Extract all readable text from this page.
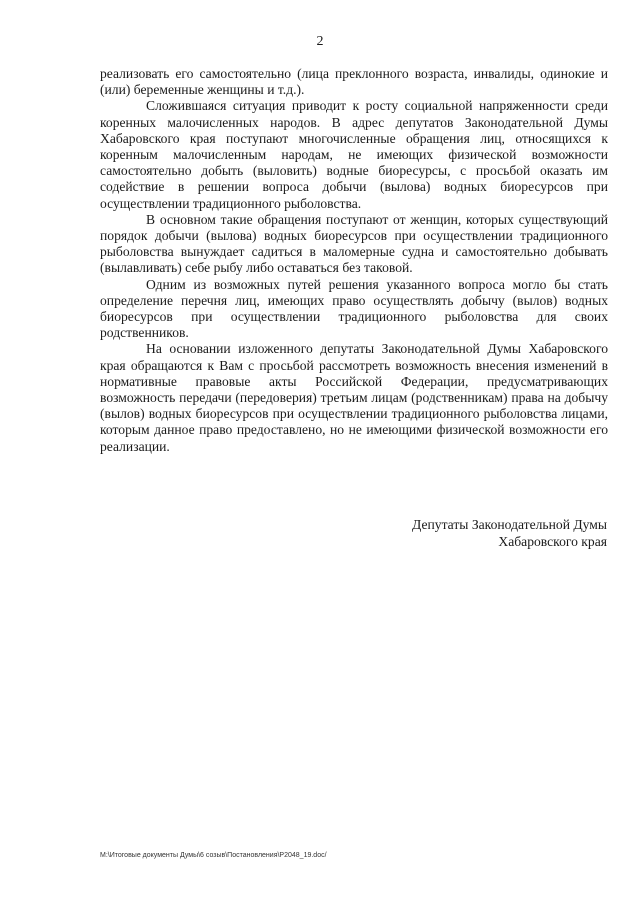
2

реализовать его самостоятельно (лица преклонного возраста, инвалиды, одинокие и (или) беременные женщины и т.д.).

Сложившаяся ситуация приводит к росту социальной напряженности среди коренных малочисленных народов. В адрес депутатов Законодательной Думы Хабаровского края поступают многочисленные обращения лиц, относящихся к коренным малочисленным народам, не имеющих физической возможности самостоятельно добыть (выловить) водные биоресурсы, с просьбой оказать им содействие в решении вопроса добычи (вылова) водных биоресурсов при осуществлении традиционного рыболовства.

В основном такие обращения поступают от женщин, которых существующий порядок добычи (вылова) водных биоресурсов при осуществлении традиционного рыболовства вынуждает садиться в маломерные судна и самостоятельно добывать (вылавливать) себе рыбу либо оставаться без таковой.

Одним из возможных путей решения указанного вопроса могло бы стать определение перечня лиц, имеющих право осуществлять добычу (вылов) водных биоресурсов при осуществлении традиционного рыболовства для своих родственников.

На основании изложенного депутаты Законодательной Думы Хабаровского края обращаются к Вам с просьбой рассмотреть возможность внесения изменений в нормативные правовые акты Российской Федерации, предусматривающих возможность передачи (передоверия) третьим лицам (родственникам) права на добычу (вылов) водных биоресурсов при осуществлении традиционного рыболовства лицами, которым данное право предоставлено, но не имеющими физической возможности его реализации.

Депутаты Законодательной Думы
Хабаровского края
M:\Итоговые документы Думы\6 созыв\Постановления\P2048_19.doc/
